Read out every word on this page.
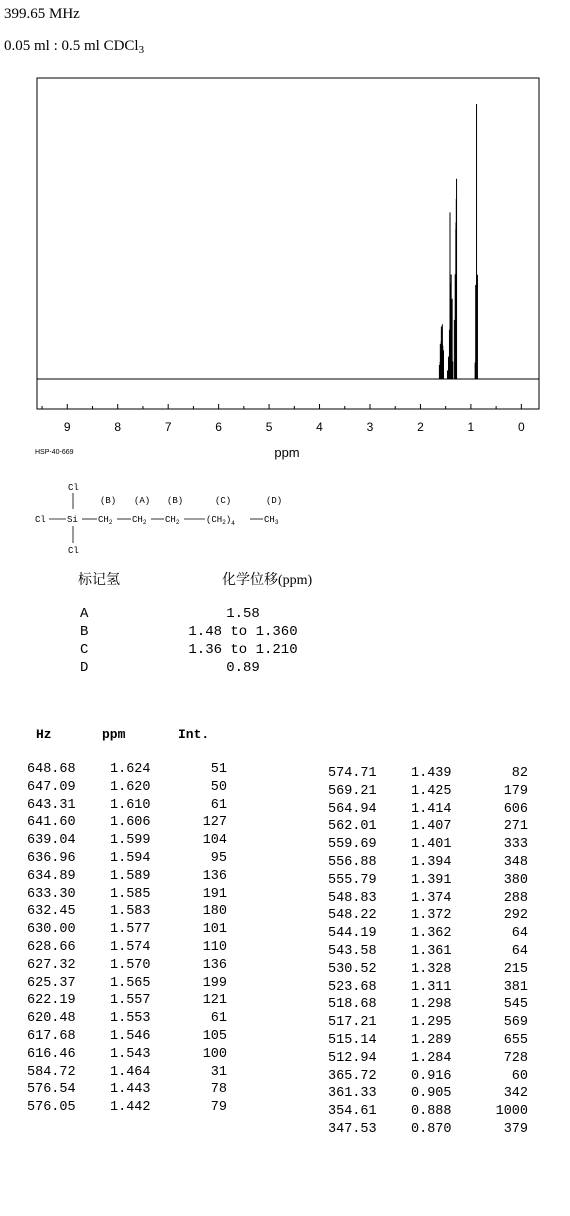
399.65 MHz
0.05 ml : 0.5 ml CDCl$_3$
9	8	7	6	5	4	3	2	1	0
ppm
HSP-40-669
Cl
Cl Si
Cl
(B) (A) (B)	(C)	(D)
$CH_2$ $CH_2$ $CH_2$	$(CH_2)_4$	$CH_3$
标记氢	化学位移(ppm)
A	1.58
B	1.48 to 1.360
C	1.36 to 1.210
D	0.89
Hz	ppm	Int.
648.68	1.624	51
647.09	1.620	50
643.31	1.610	61
641.60	1.606	127
639.04	1.599	104
636.96	1.594	95
634.89	1.589	136
633.30	1.585	191
632.45	1.583	180
630.00	1.577	101
628.66	1.574	110
627.32	1.570	136
625.37	1.565	199
622.19	1.557	121
620.48	1.553	61
617.68	1.546	105
616.46	1.543	100
584.72	1.464	31
576.54	1.443	78
576.05	1.442	79
574.71	1.439	82
569.21	1.425	179
564.94	1.414	606
562.01	1.407	271
559.69	1.401	333
556.88	1.394	348
555.79	1.391	380
548.83	1.374	288
548.22	1.372	292
544.19	1.362	64
543.58	1.361	64
530.52	1.328	215
523.68	1.311	381
518.68	1.298	545
517.21	1.295	569
515.14	1.289	655
512.94	1.284	728
365.72	0.916	60
361.33	0.905	342
354.61	0.888	1000
347.53	0.870	379
